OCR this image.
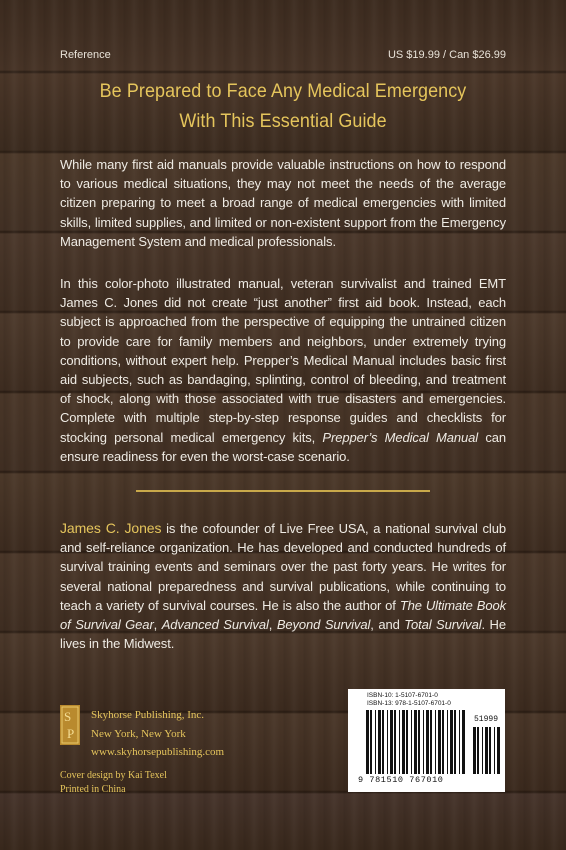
Reference	US $19.99 / Can $26.99
Be Prepared to Face Any Medical Emergency
With This Essential Guide
While many first aid manuals provide valuable instructions on how to respond to various medical situations, they may not meet the needs of the average citizen preparing to meet a broad range of medical emergencies with limited skills, limited supplies, and limited or non-existent support from the Emergency Management System and medical professionals.
In this color-photo illustrated manual, veteran survivalist and trained EMT James C. Jones did not create “just another” first aid book. Instead, each subject is approached from the perspective of equipping the untrained citizen to provide care for family members and neighbors, under extremely trying conditions, without expert help. Prepper’s Medical Manual includes basic first aid subjects, such as bandaging, splinting, control of bleeding, and treatment of shock, along with those associated with true disasters and emergencies. Complete with multiple step-by-step response guides and checklists for stocking personal medical emergency kits, Prepper’s Medical Manual can ensure readiness for even the worst-case scenario.
James C. Jones is the cofounder of Live Free USA, a national survival club and self-reliance organization. He has developed and conducted hundreds of survival training events and seminars over the past forty years. He writes for several national preparedness and survival publications, while continuing to teach a variety of survival courses. He is also the author of The Ultimate Book of Survival Gear, Advanced Survival, Beyond Survival, and Total Survival. He lives in the Midwest.
S
P
Skyhorse Publishing, Inc.
New York, New York
www.skyhorsepublishing.com
Cover design by Kai Texel
Printed in China
ISBN-10: 1-5107-6701-0
ISBN-13: 978-1-5107-6701-0
51999
9 781510 767010
